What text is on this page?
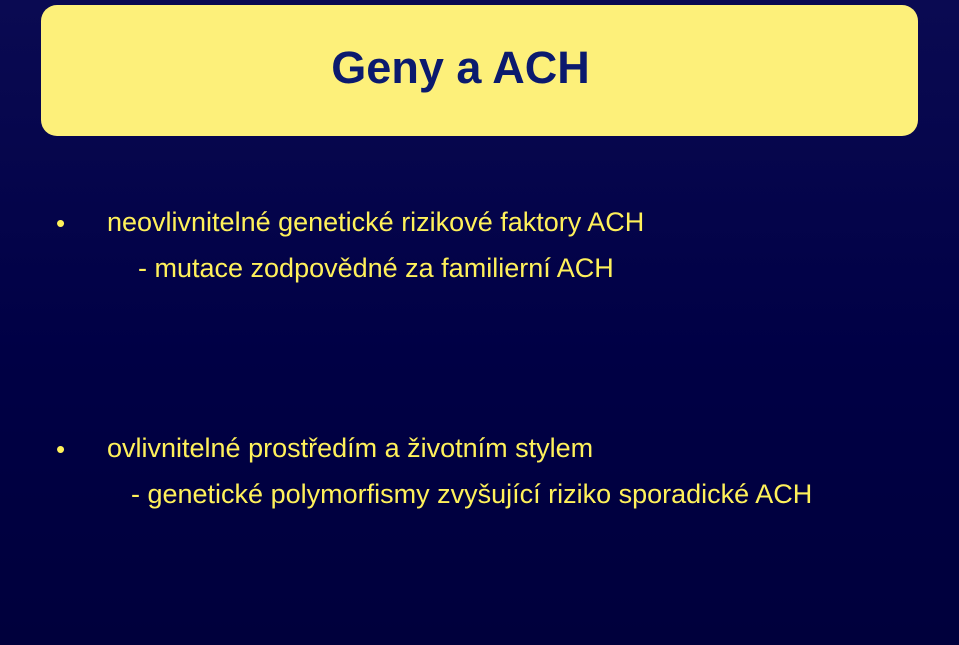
Geny a ACH
• neovlivnitelné genetické rizikové faktory ACH
- mutace zodpovědné za familierní ACH
• ovlivnitelné prostředím a životním stylem
- genetické polymorfismy zvyšující riziko sporadické ACH
